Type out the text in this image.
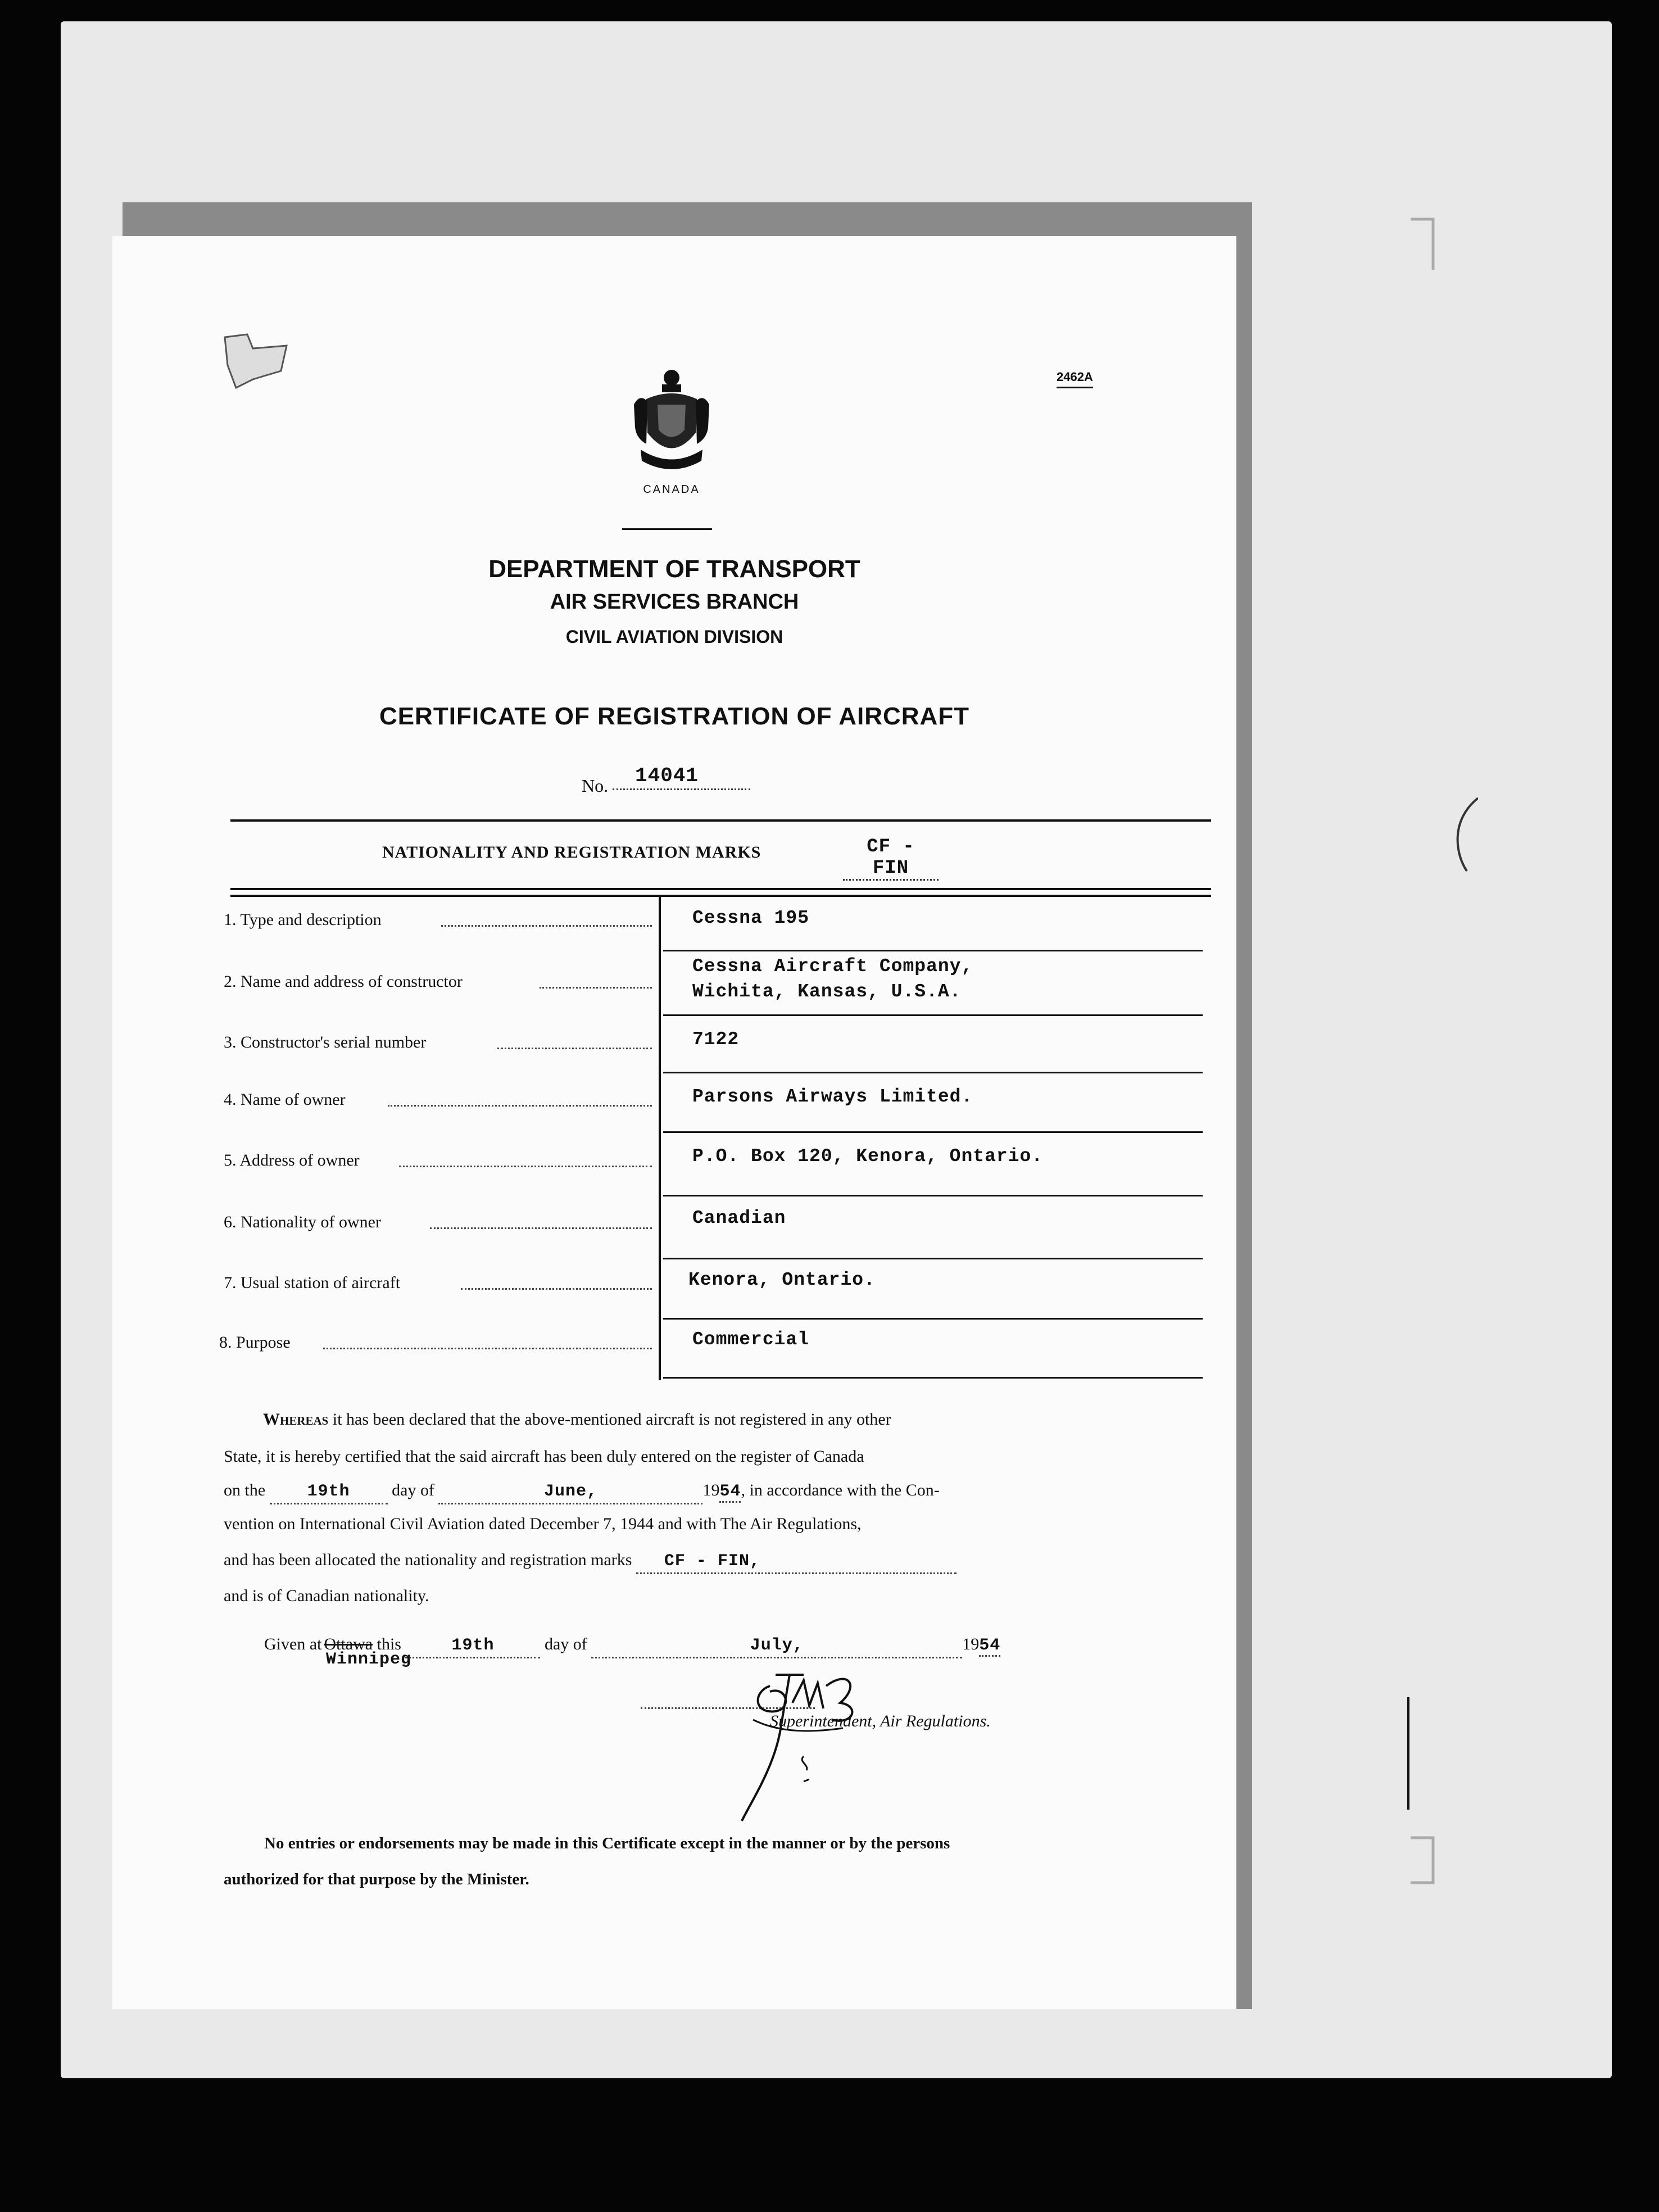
2462A
CANADA
DEPARTMENT OF TRANSPORT
AIR SERVICES BRANCH
CIVIL AVIATION DIVISION
CERTIFICATE OF REGISTRATION OF AIRCRAFT
No.	14041
NATIONALITY AND REGISTRATION MARKS	CF - FIN
1. Type and description	Cessna 195
2. Name and address of constructor
Cessna Aircraft Company,
Wichita, Kansas, U.S.A.
3. Constructor's serial number	7122
4. Name of owner	Parsons Airways Limited.
5. Address of owner	P.O. Box 120, Kenora, Ontario.
6. Nationality of owner	Canadian
7. Usual station of aircraft	Kenora, Ontario.
8. Purpose	Commercial
Whereas it has been declared that the above-mentioned aircraft is not registered in any other
State, it is hereby certified that the said aircraft has been duly entered on the register of Canada
on the 19th day of	June,	1954, in accordance with the Con-
vention on International Civil Aviation dated December 7, 1944 and with The Air Regulations,
and has been allocated the nationality and registration marks CF - FIN,
and is of Canadian nationality.
Given at Ottawa this	19th	day of	July,	1954
Winnipeg
Superintendent, Air Regulations.
No entries or endorsements may be made in this Certificate except in the manner or by the persons
authorized for that purpose by the Minister.
